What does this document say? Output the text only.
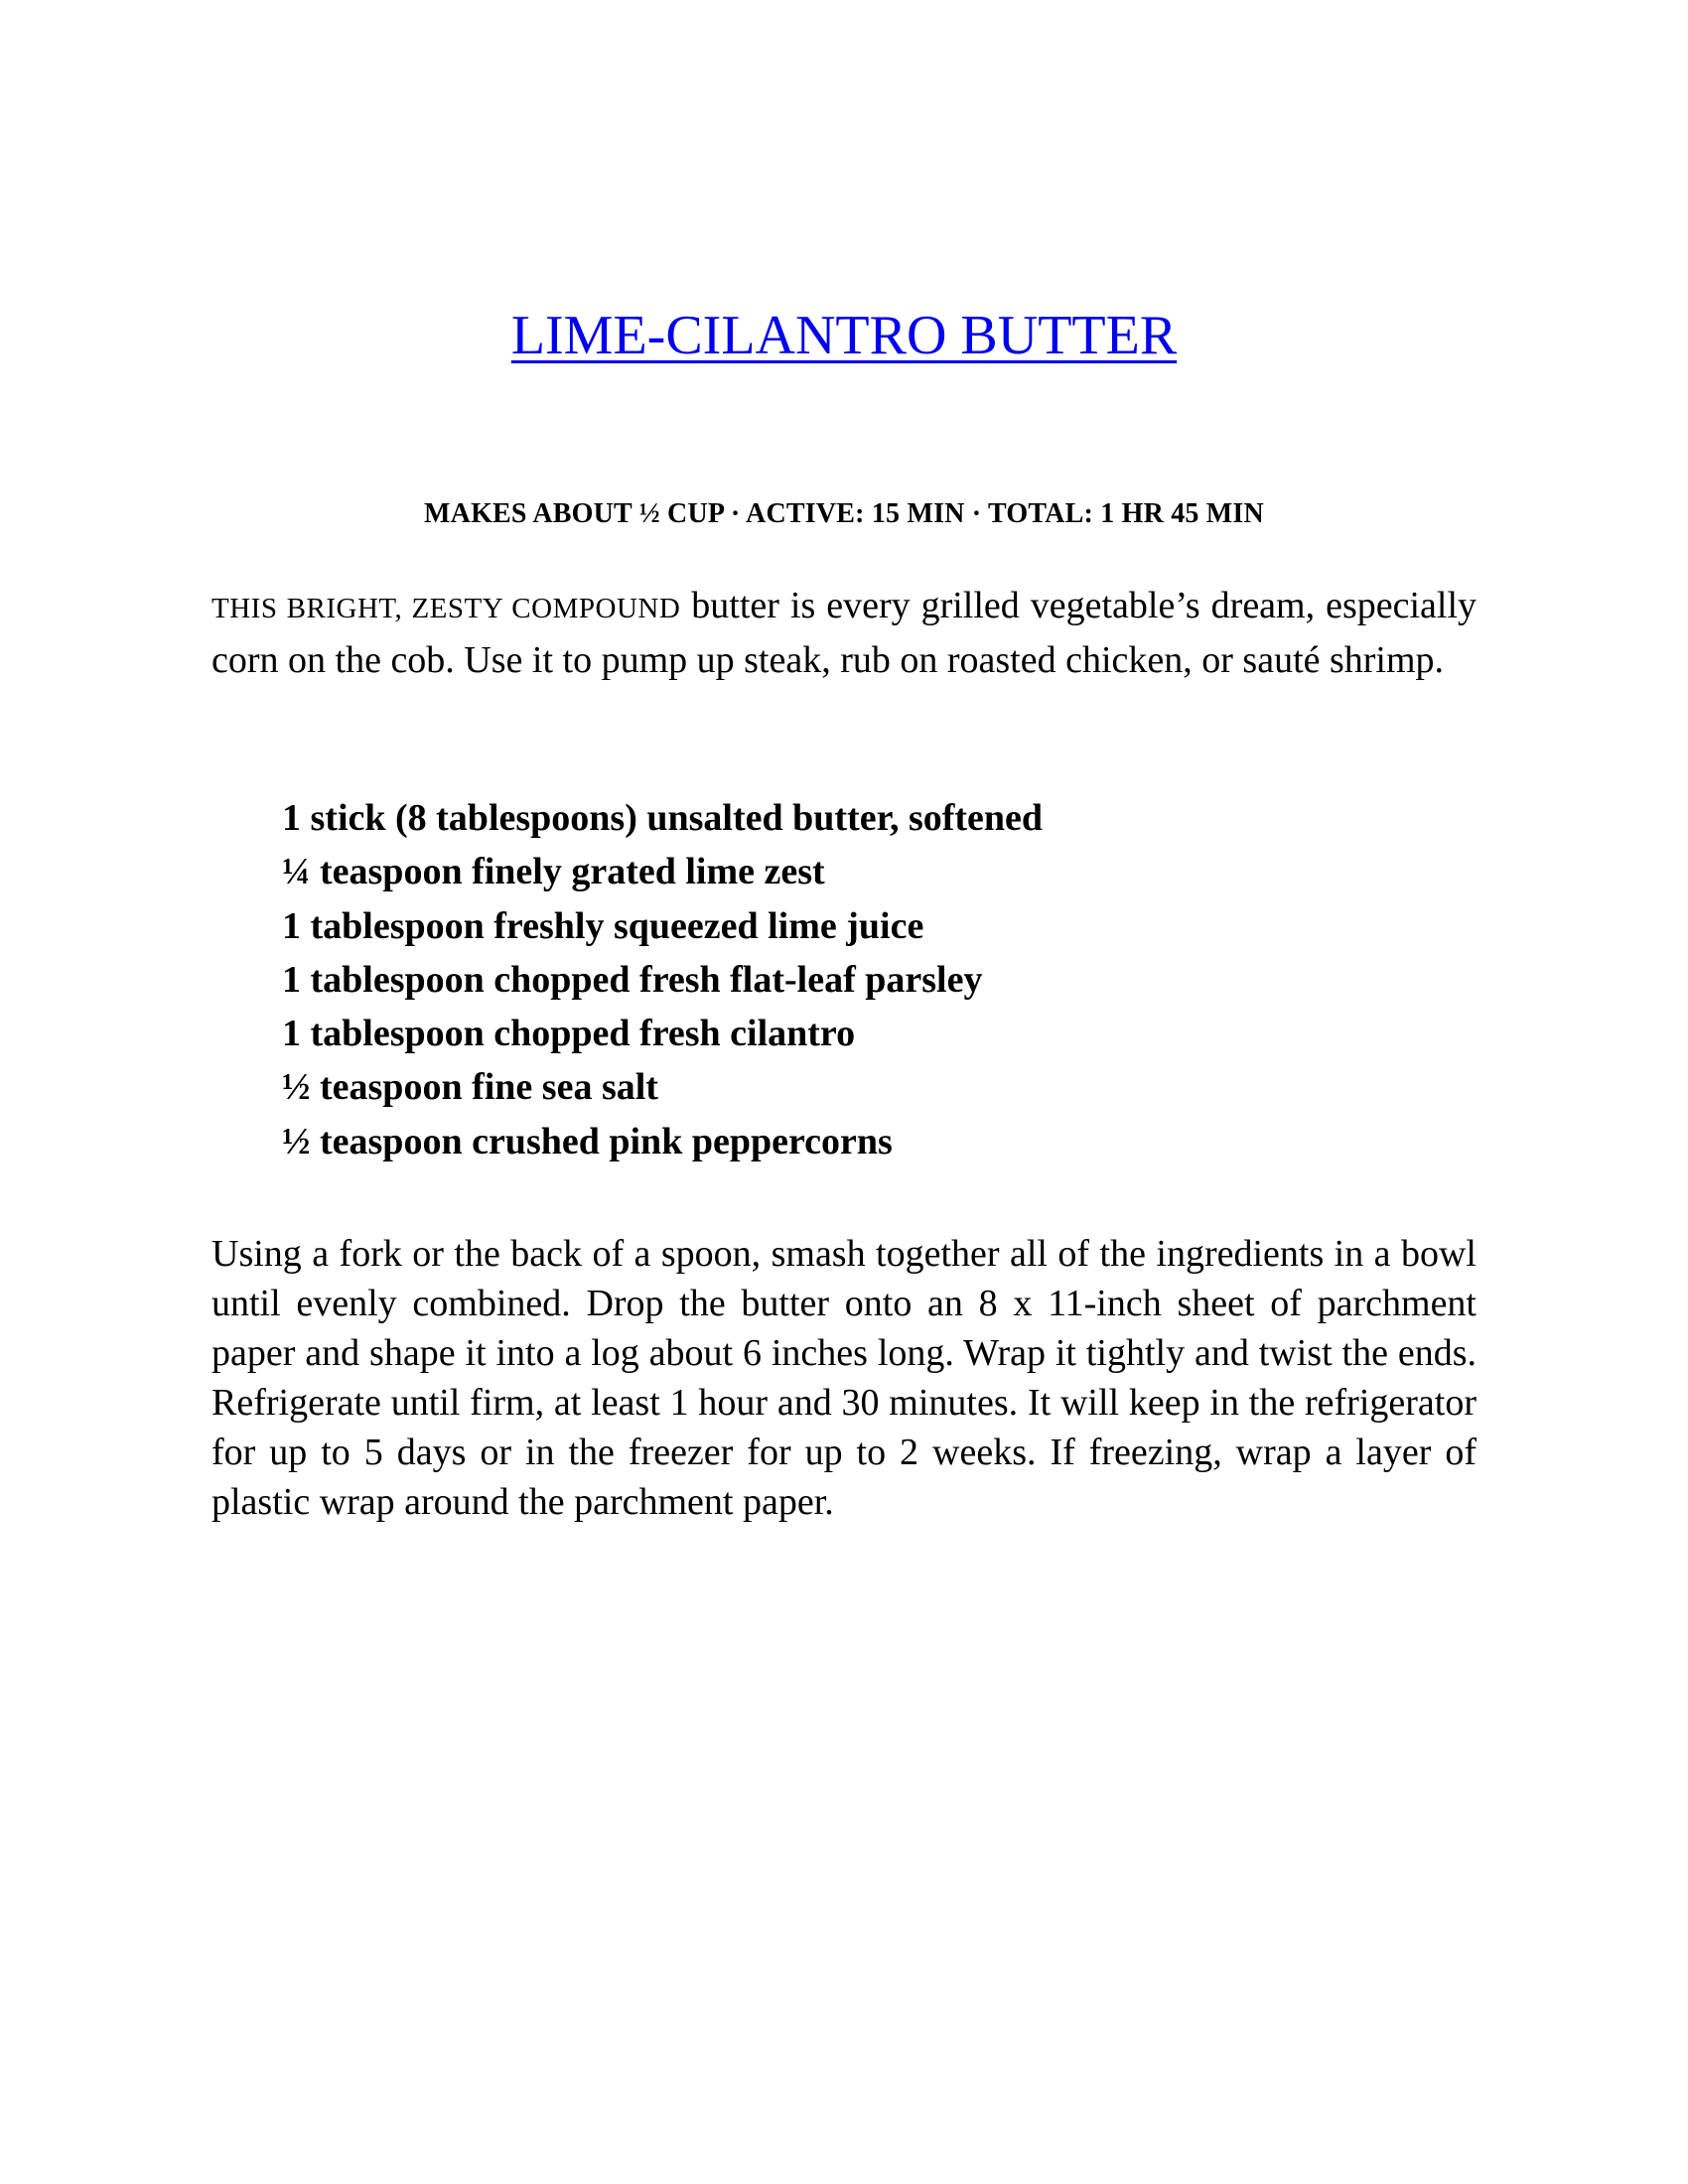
LIME-CILANTRO BUTTER
MAKES ABOUT ½ CUP · ACTIVE: 15 MIN · TOTAL: 1 HR 45 MIN

THIS BRIGHT, ZESTY COMPOUND butter is every grilled vegetable’s dream, especially corn on the cob. Use it to pump up steak, rub on roasted chicken, or sauté shrimp.

1 stick (8 tablespoons) unsalted butter, softened
¼ teaspoon finely grated lime zest
1 tablespoon freshly squeezed lime juice
1 tablespoon chopped fresh flat-leaf parsley
1 tablespoon chopped fresh cilantro
½ teaspoon fine sea salt
½ teaspoon crushed pink peppercorns

Using a fork or the back of a spoon, smash together all of the ingredients in a bowl until evenly combined. Drop the butter onto an 8 x 11-inch sheet of parchment paper and shape it into a log about 6 inches long. Wrap it tightly and twist the ends. Refrigerate until firm, at least 1 hour and 30 minutes. It will keep in the refrigerator for up to 5 days or in the freezer for up to 2 weeks. If freezing, wrap a layer of plastic wrap around the parchment paper.
